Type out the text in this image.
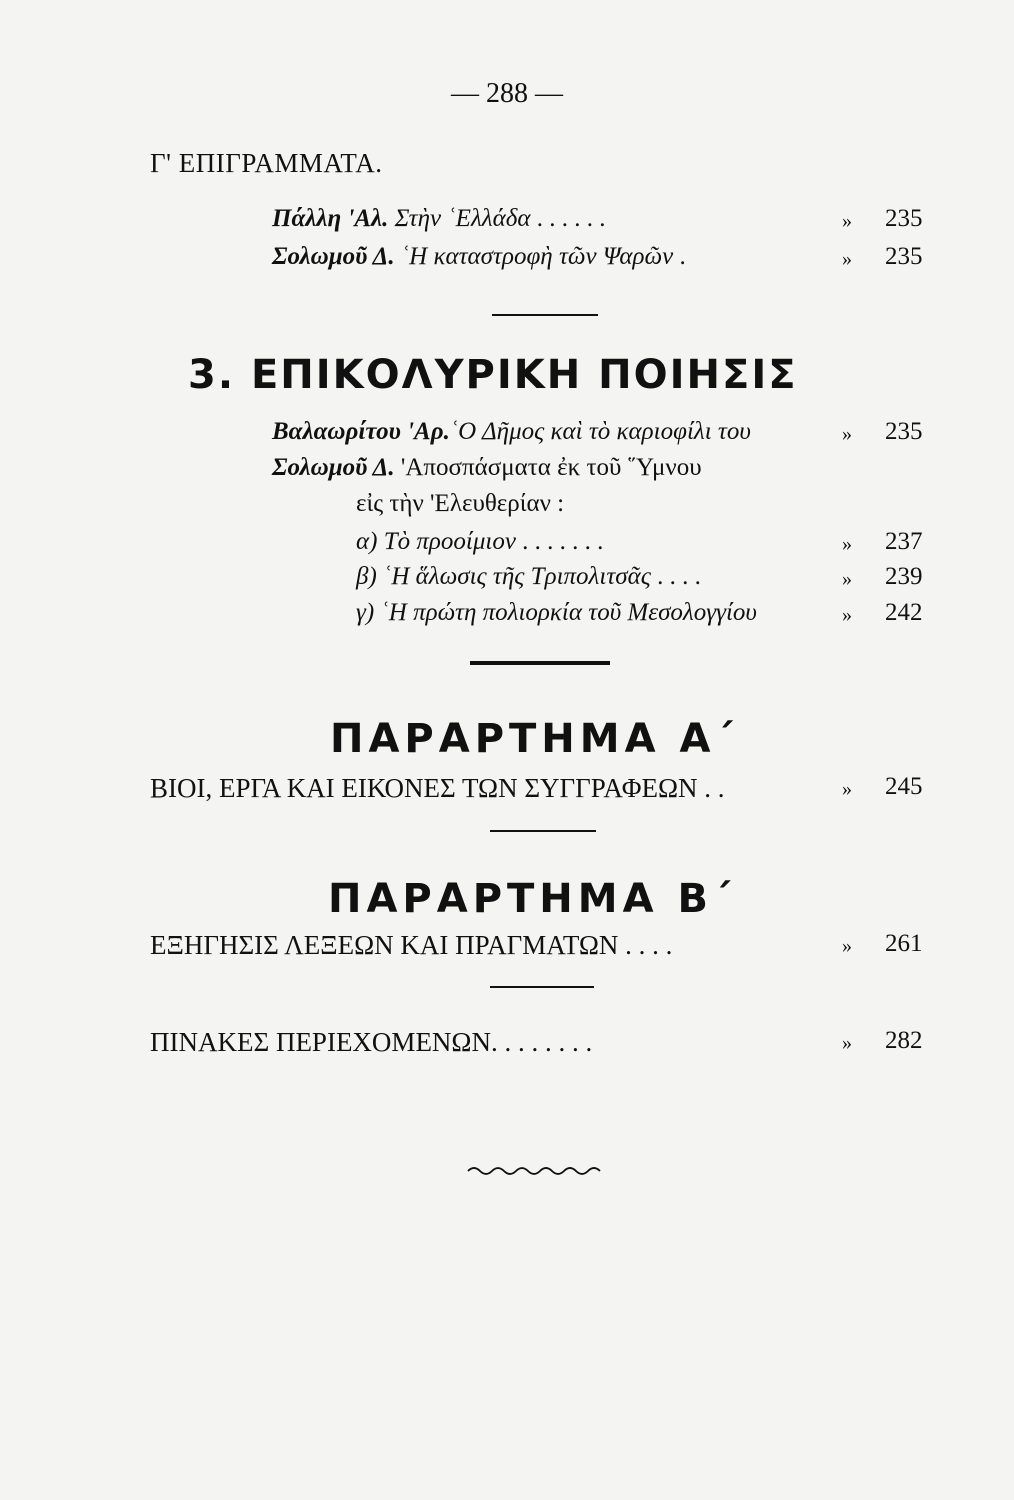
— 288 —
Γ' ΕΠΙΓΡΑΜΜΑΤΑ.
Πάλλη 'Αλ. Στὴν ʿΕλλάδα . . . . . .	» 235
Σολωμοῦ Δ. ʿΗ καταστροφὴ τῶν Ψαρῶν .	» 235
3. ΕΠΙΚΟΛΥΡΙΚΗ ΠΟΙΗΣΙΣ
Βαλαωρίτου 'Αρ.ʿΟ Δῆμος καὶ τὸ καριοφίλι του	» 235
Σολωμοῦ Δ. 'Αποσπάσματα ἐκ τοῦ ῞Υμνου
εἰς τὴν 'Ελευθερίαν :
α) Τὸ προοίμιον . . . . . . .	» 237
β) ʿΗ ἅλωσις τῆς Τριπολιτσᾶς . . . .	» 239
γ) ʿΗ πρώτη πολιορκία τοῦ Μεσολογγίου	» 242
ΠΑΡΑΡΤΗΜΑ Α΄
ΒΙΟΙ, ΕΡΓΑ ΚΑΙ ΕΙΚΟΝΕΣ ΤΩΝ ΣΥΓΓΡΑΦΕΩΝ . .	» 245
ΠΑΡΑΡΤΗΜΑ Β΄
ΕΞΗΓΗΣΙΣ ΛΕΞΕΩΝ ΚΑΙ ΠΡΑΓΜΑΤΩΝ . . . .	» 261
ΠΙΝΑΚΕΣ ΠΕΡΙΕΧΟΜΕΝΩΝ. . . . . . . .	» 282
